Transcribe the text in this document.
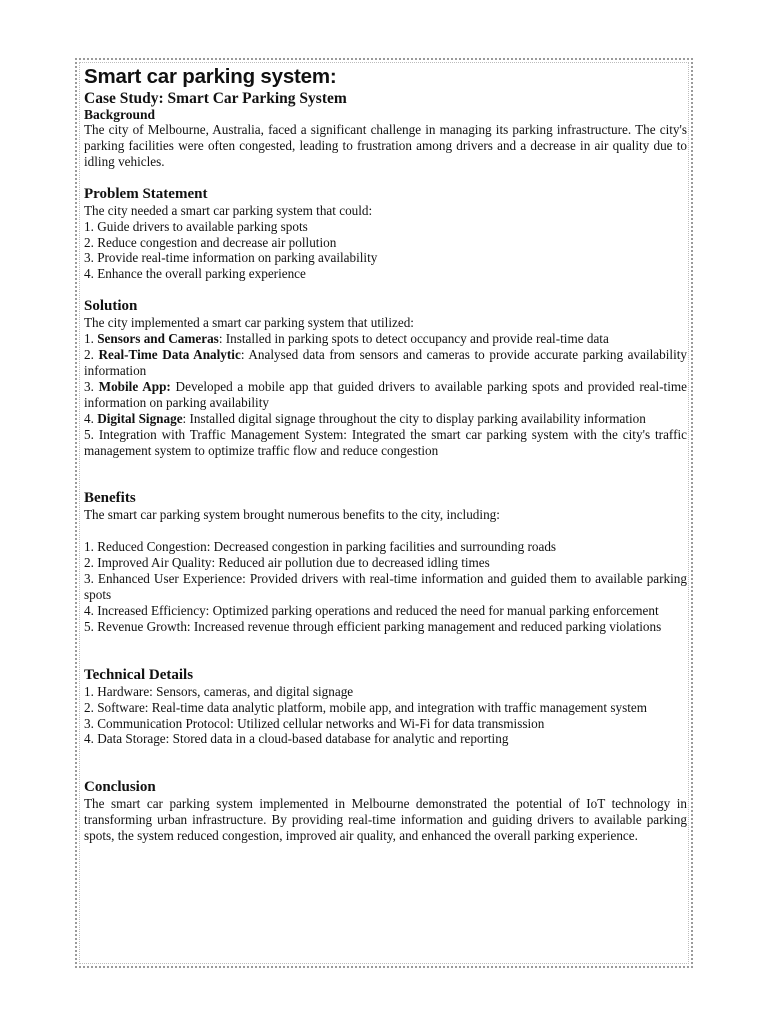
Smart car parking system:
Case Study: Smart Car Parking System
Background

The city of Melbourne, Australia, faced a significant challenge in managing its parking infrastructure. The city's parking facilities were often congested, leading to frustration among drivers and a decrease in air quality due to idling vehicles.

Problem Statement

The city needed a smart car parking system that could:

1. Guide drivers to available parking spots

2. Reduce congestion and decrease air pollution

3. Provide real-time information on parking availability

4. Enhance the overall parking experience

Solution

The city implemented a smart car parking system that utilized:

1. Sensors and Cameras: Installed in parking spots to detect occupancy and provide real-time data

2. Real-Time Data Analytic: Analysed data from sensors and cameras to provide accurate parking availability information

3. Mobile App: Developed a mobile app that guided drivers to available parking spots and provided real-time information on parking availability

4. Digital Signage: Installed digital signage throughout the city to display parking availability information

5. Integration with Traffic Management System: Integrated the smart car parking system with the city's traffic management system to optimize traffic flow and reduce congestion

Benefits

The smart car parking system brought numerous benefits to the city, including:

1. Reduced Congestion: Decreased congestion in parking facilities and surrounding roads

2. Improved Air Quality: Reduced air pollution due to decreased idling times

3. Enhanced User Experience: Provided drivers with real-time information and guided them to available parking spots

4. Increased Efficiency: Optimized parking operations and reduced the need for manual parking enforcement

5. Revenue Growth: Increased revenue through efficient parking management and reduced parking violations

Technical Details

1. Hardware: Sensors, cameras, and digital signage

2. Software: Real-time data analytic platform, mobile app, and integration with traffic management system

3. Communication Protocol: Utilized cellular networks and Wi-Fi for data transmission

4. Data Storage: Stored data in a cloud-based database for analytic and reporting

Conclusion

The smart car parking system implemented in Melbourne demonstrated the potential of IoT technology in transforming urban infrastructure. By providing real-time information and guiding drivers to available parking spots, the system reduced congestion, improved air quality, and enhanced the overall parking experience.
